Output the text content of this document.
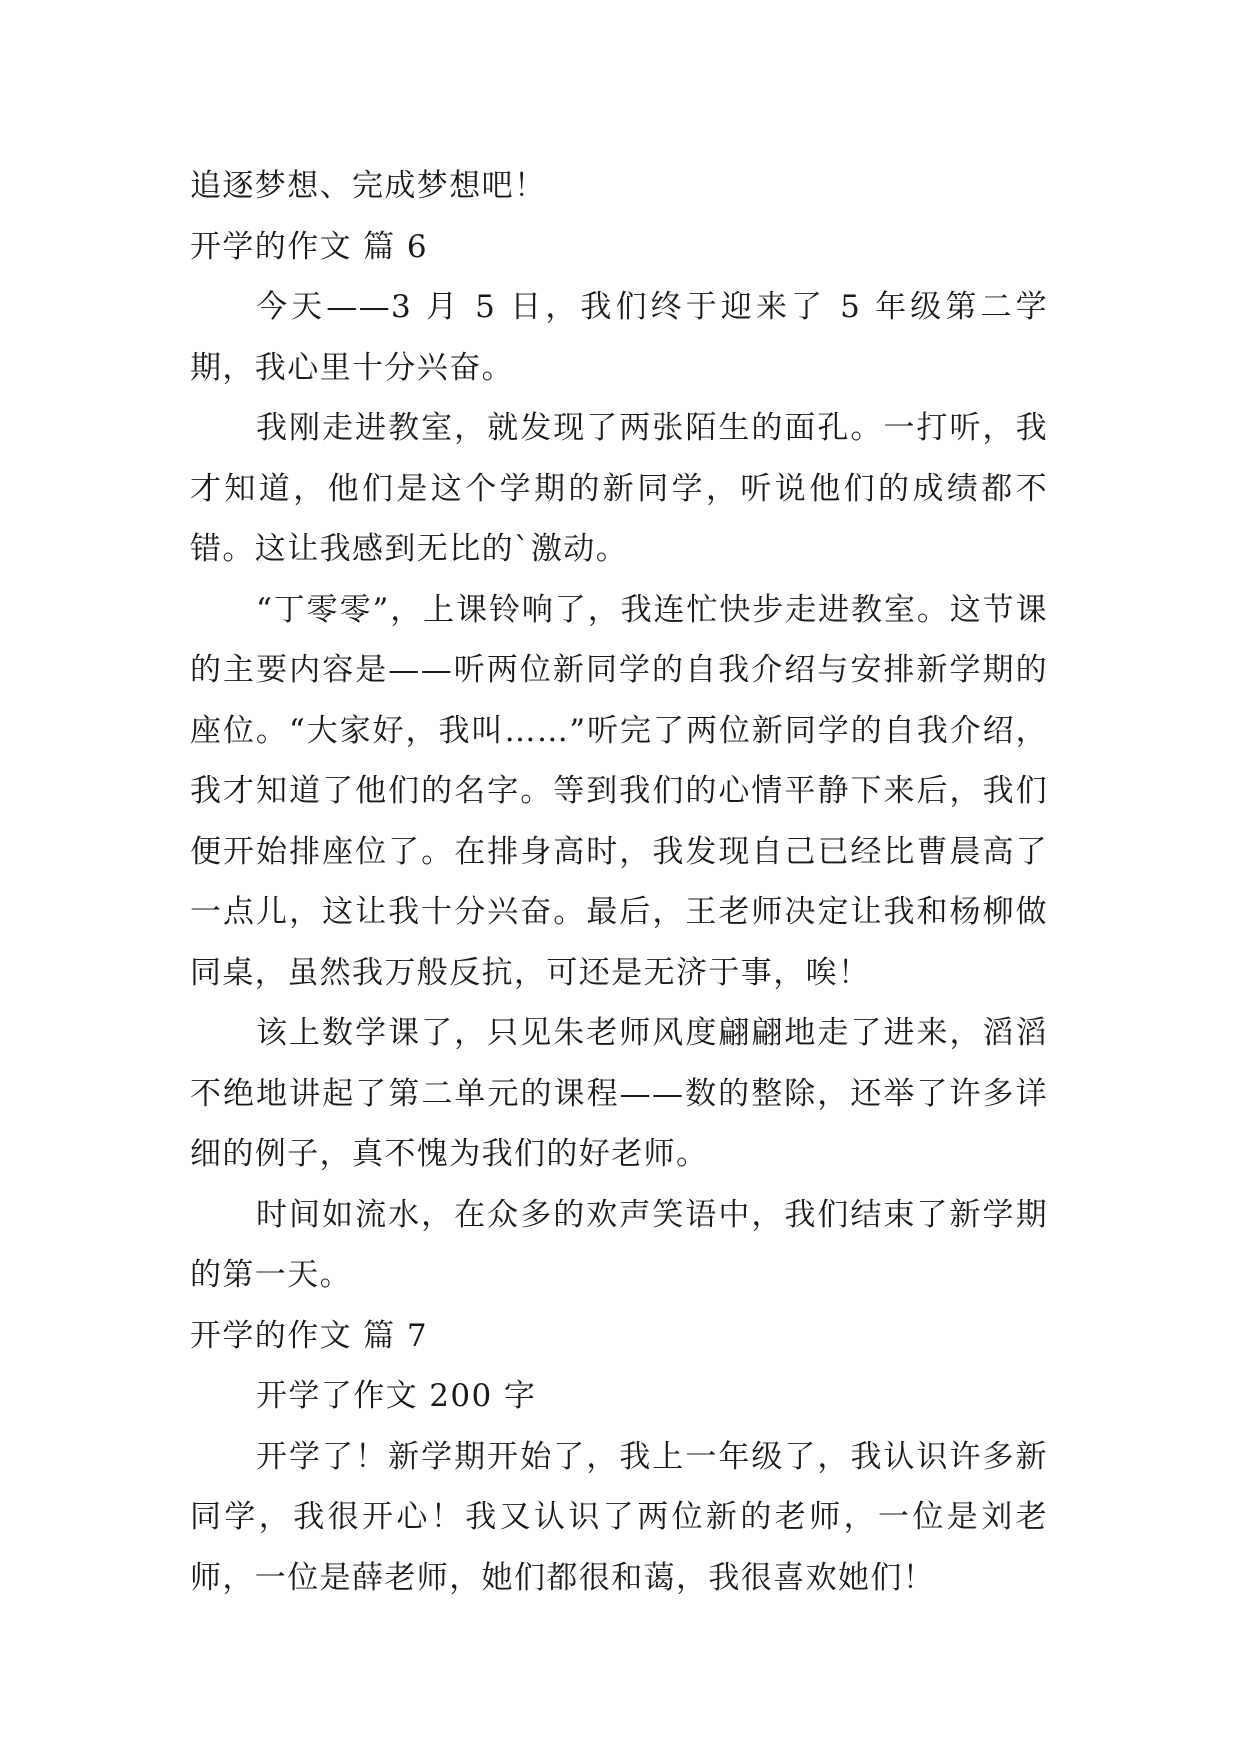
追逐梦想、完成梦想吧！

开学的作文 篇 6

今天——3 月 5 日，我们终于迎来了 5 年级第二学期，我心里十分兴奋。

我刚走进教室，就发现了两张陌生的面孔。一打听，我才知道，他们是这个学期的新同学，听说他们的成绩都不错。这让我感到无比的`激动。

“丁零零”，上课铃响了，我连忙快步走进教室。这节课的主要内容是——听两位新同学的自我介绍与安排新学期的座位。“大家好，我叫……”听完了两位新同学的自我介绍，我才知道了他们的名字。等到我们的心情平静下来后，我们便开始排座位了。在排身高时，我发现自己已经比曹晨高了一点儿，这让我十分兴奋。最后，王老师决定让我和杨柳做同桌，虽然我万般反抗，可还是无济于事，唉！

该上数学课了，只见朱老师风度翩翩地走了进来，滔滔不绝地讲起了第二单元的课程——数的整除，还举了许多详细的例子，真不愧为我们的好老师。

时间如流水，在众多的欢声笑语中，我们结束了新学期的第一天。

开学的作文 篇 7

开学了作文 200 字

开学了！新学期开始了，我上一年级了，我认识许多新同学，我很开心！我又认识了两位新的老师，一位是刘老师，一位是薛老师，她们都很和蔼，我很喜欢她们！
